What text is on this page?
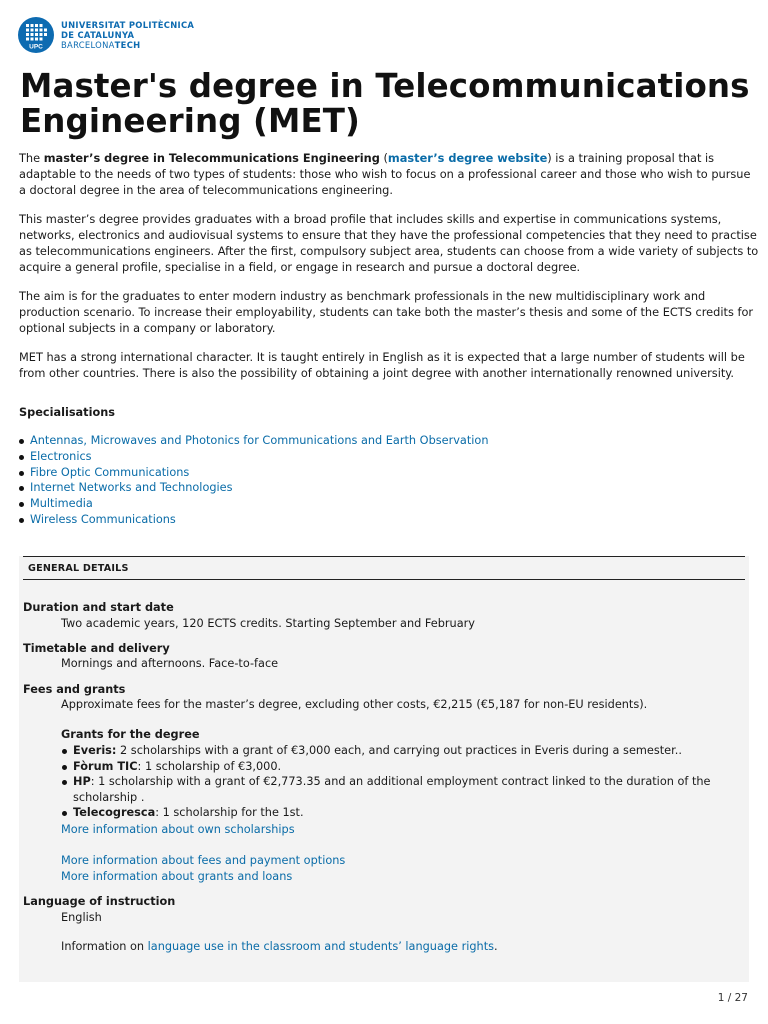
UPC
UNIVERSITAT POLITÈCNICA
DE CATALUNYA
BARCELONATECH
Master's degree in Telecommunications Engineering (MET)

The master’s degree in Telecommunications Engineering (master’s degree website) is a training proposal that is adaptable to the needs of two types of students: those who wish to focus on a professional career and those who wish to pursue a doctoral degree in the area of telecommunications engineering.

This master’s degree provides graduates with a broad profile that includes skills and expertise in communications systems, networks, electronics and audiovisual systems to ensure that they have the professional competencies that they need to practise as telecommunications engineers. After the first, compulsory subject area, students can choose from a wide variety of subjects to acquire a general profile, specialise in a field, or engage in research and pursue a doctoral degree.

The aim is for the graduates to enter modern industry as benchmark professionals in the new multidisciplinary work and production scenario. To increase their employability, students can take both the master’s thesis and some of the ECTS credits for optional subjects in a company or laboratory.

MET has a strong international character. It is taught entirely in English as it is expected that a large number of students will be from other countries. There is also the possibility of obtaining a joint degree with another internationally renowned university.

Specialisations
Antennas, Microwaves and Photonics for Communications and Earth Observation
Electronics
Fibre Optic Communications
Internet Networks and Technologies
Multimedia
Wireless Communications
GENERAL DETAILS
Duration and start date
Two academic years, 120 ECTS credits. Starting September and February
Timetable and delivery
Mornings and afternoons. Face-to-face
Fees and grants
Approximate fees for the master’s degree, excluding other costs, €2,215 (€5,187 for non-EU residents).
Grants for the degree
Everis: 2 scholarships with a grant of €3,000 each, and carrying out practices in Everis during a semester..
Fòrum TIC: 1 scholarship of €3,000.
HP: 1 scholarship with a grant of €2,773.35 and an additional employment contract linked to the duration of the scholarship .
Telecogresca: 1 scholarship for the 1st.
More information about own scholarships
More information about fees and payment options
More information about grants and loans
Language of instruction
English
Information on language use in the classroom and students’ language rights.
1 / 27
